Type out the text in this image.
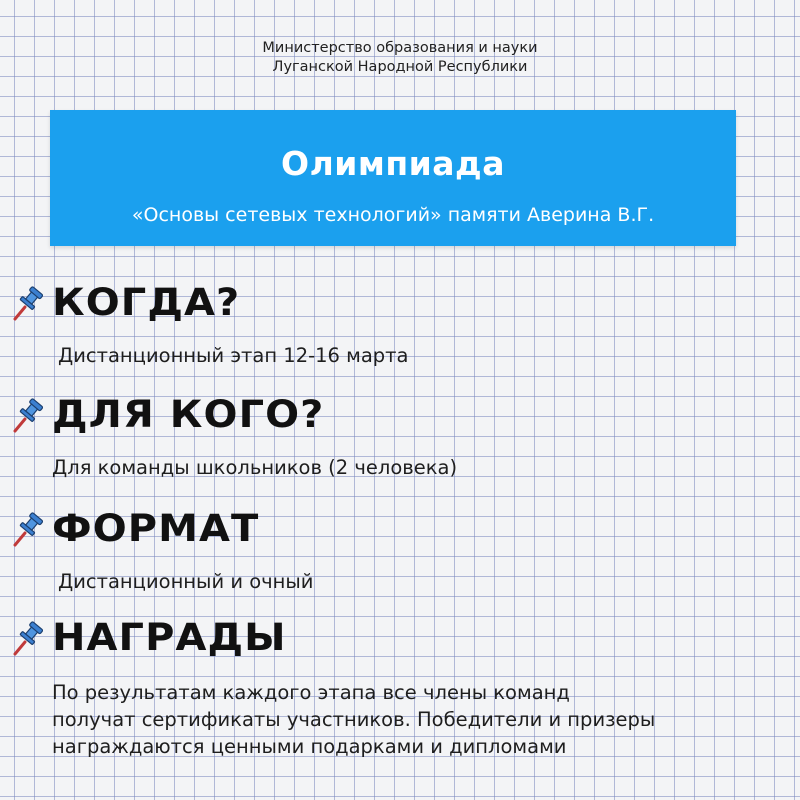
Министерство образования и науки
Луганской Народной Республики
Олимпиада
«Основы сетевых технологий» памяти Аверина В.Г.
КОГДА?
Дистанционный этап 12-16 марта
ДЛЯ КОГО?
Для команды школьников (2 человека)
ФОРМАТ
Дистанционный и очный
НАГРАДЫ
По результатам каждого этапа все члены команд
получат сертификаты участников. Победители и призеры
награждаются ценными подарками и дипломами
